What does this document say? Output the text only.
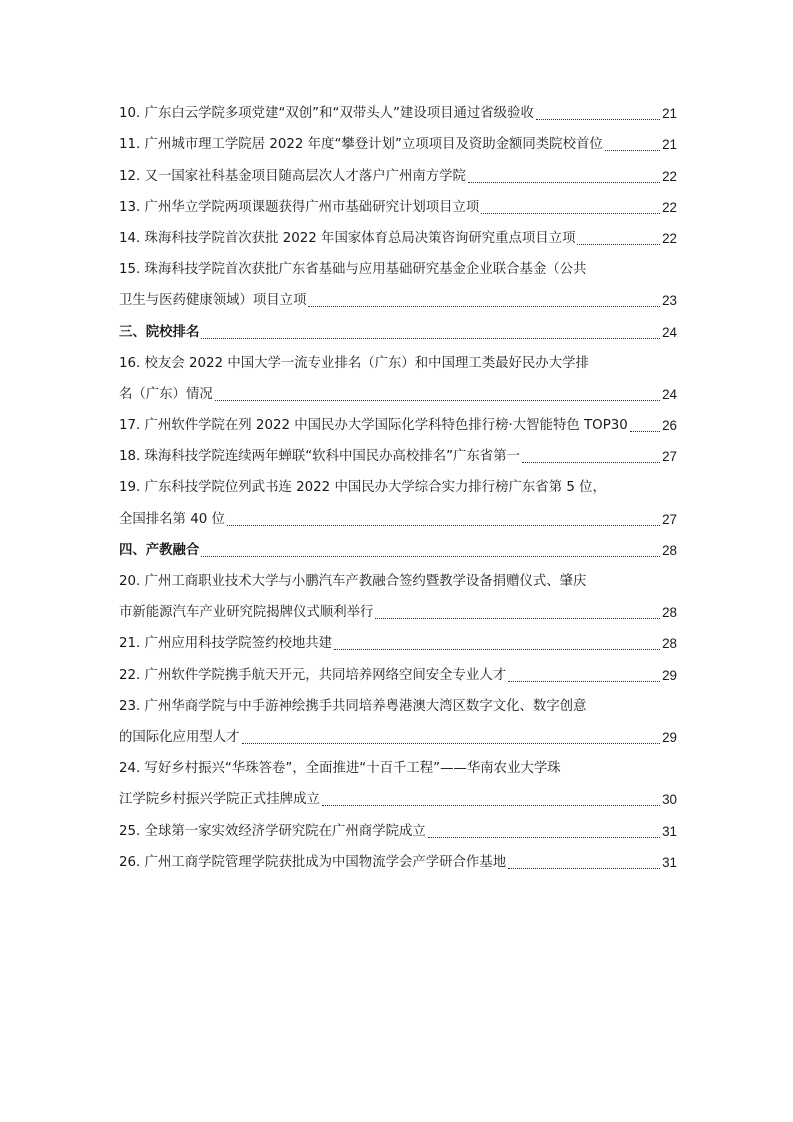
10. 广东白云学院多项党建“双创”和“双带头人”建设项目通过省级验收	21
11. 广州城市理工学院居 2022 年度“攀登计划”立项项目及资助金额同类院校首位	21
12. 又一国家社科基金项目随高层次人才落户广州南方学院	22
13. 广州华立学院两项课题获得广州市基础研究计划项目立项	22
14. 珠海科技学院首次获批 2022 年国家体育总局决策咨询研究重点项目立项	22
15. 珠海科技学院首次获批广东省基础与应用基础研究基金企业联合基金（公共
卫生与医药健康领域）项目立项	23
三、院校排名	24
16. 校友会 2022 中国大学一流专业排名（广东）和中国理工类最好民办大学排
名（广东）情况	24
17. 广州软件学院在列 2022 中国民办大学国际化学科特色排行榜·大智能特色 TOP30	26
18. 珠海科技学院连续两年蝉联“软科中国民办高校排名”广东省第一	27
19. 广东科技学院位列武书连 2022 中国民办大学综合实力排行榜广东省第 5 位，
全国排名第 40 位	27
四、产教融合	28
20. 广州工商职业技术大学与小鹏汽车产教融合签约暨教学设备捐赠仪式、肇庆
市新能源汽车产业研究院揭牌仪式顺利举行	28
21. 广州应用科技学院签约校地共建	28
22. 广州软件学院携手航天开元，共同培养网络空间安全专业人才	29
23. 广州华商学院与中手游神绘携手共同培养粤港澳大湾区数字文化、数字创意
的国际化应用型人才	29
24. 写好乡村振兴“华珠答卷”，全面推进“十百千工程”——华南农业大学珠
江学院乡村振兴学院正式挂牌成立	30
25. 全球第一家实效经济学研究院在广州商学院成立	31
26. 广州工商学院管理学院获批成为中国物流学会产学研合作基地	31
